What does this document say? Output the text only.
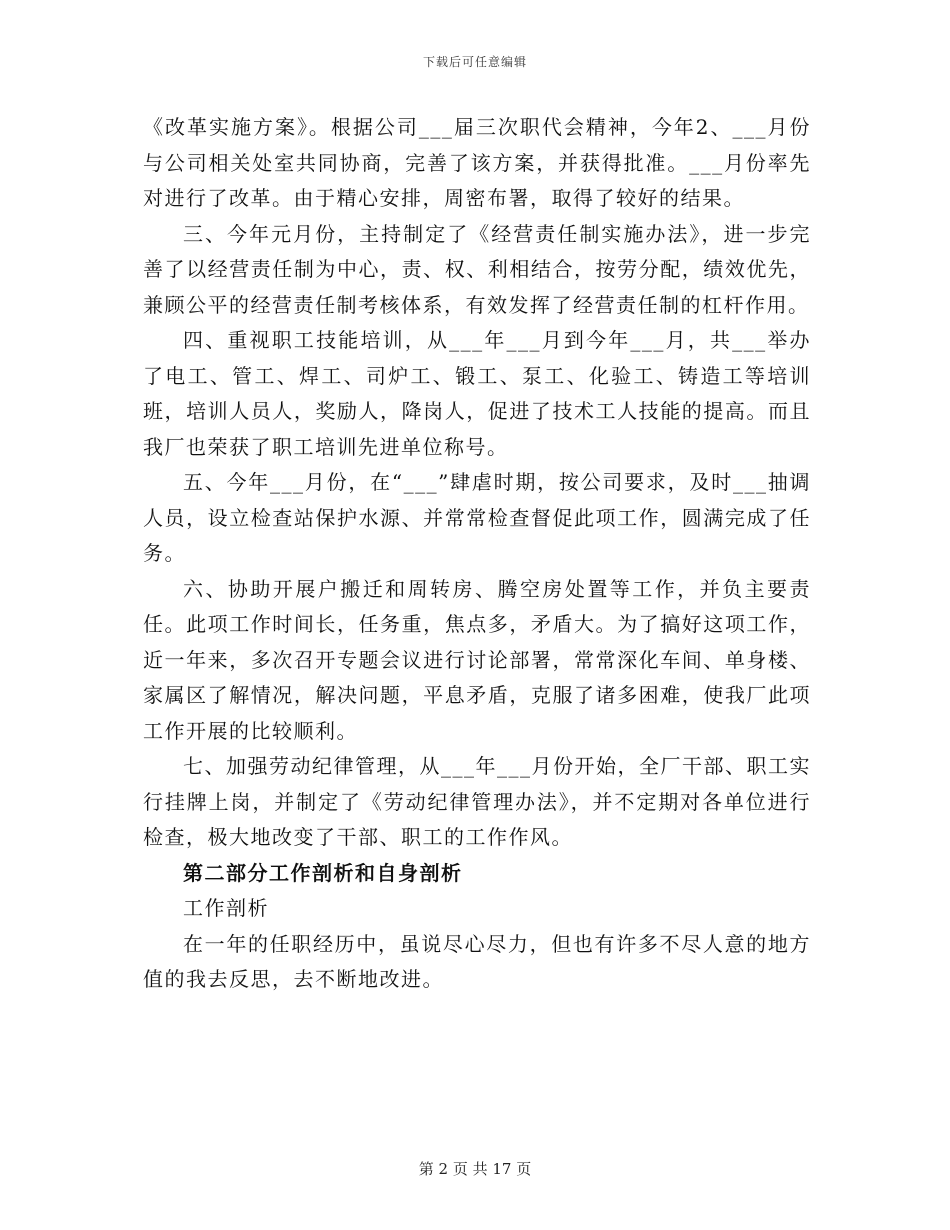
下载后可任意编辑

《改革实施方案》。根据公司___届三次职代会精神，今年2、___月份与公司相关处室共同协商，完善了该方案，并获得批准。___月份率先对进行了改革。由于精心安排，周密布署，取得了较好的结果。

三、今年元月份，主持制定了《经营责任制实施办法》，进一步完善了以经营责任制为中心，责、权、利相结合，按劳分配，绩效优先，兼顾公平的经营责任制考核体系，有效发挥了经营责任制的杠杆作用。

四、重视职工技能培训，从___年___月到今年___月，共___举办了电工、管工、焊工、司炉工、锻工、泵工、化验工、铸造工等培训班，培训人员人，奖励人，降岗人，促进了技术工人技能的提高。而且我厂也荣获了职工培训先进单位称号。

五、今年___月份，在“___”肆虐时期，按公司要求，及时___抽调人员，设立检查站保护水源、并常常检查督促此项工作，圆满完成了任务。

六、协助开展户搬迁和周转房、腾空房处置等工作，并负主要责任。此项工作时间长，任务重，焦点多，矛盾大。为了搞好这项工作，近一年来，多次召开专题会议进行讨论部署，常常深化车间、单身楼、家属区了解情况，解决问题，平息矛盾，克服了诸多困难，使我厂此项工作开展的比较顺利。

七、加强劳动纪律管理，从___年___月份开始，全厂干部、职工实行挂牌上岗，并制定了《劳动纪律管理办法》，并不定期对各单位进行检查，极大地改变了干部、职工的工作作风。

第二部分工作剖析和自身剖析

工作剖析

在一年的任职经历中，虽说尽心尽力，但也有许多不尽人意的地方值的我去反思，去不断地改进。

第 2 页 共 17 页
